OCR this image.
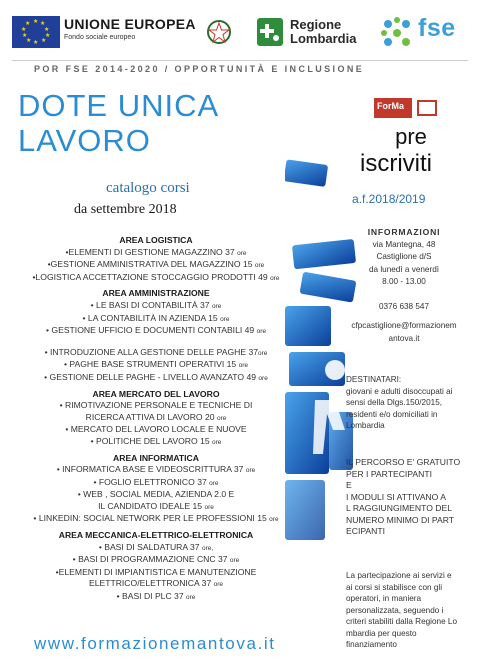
★ ★
★
★
★
★
★
★
★
★ UNIONE EUROPEA
Fondo sociale europeo
Regione
Lombardia fse
POR FSE 2014-2020 / OPPORTUNITÀ E INCLUSIONE
DOTE UNICA
LAVORO
catalogo corsi
da settembre 2018
AREA LOGISTICA
•ELEMENTI DI GESTIONE MAGAZZINO 37 ore
•GESTIONE AMMINISTRATIVA DEL MAGAZZINO 15 ore
•LOGISTICA ACCETTAZIONE STOCCAGGIO PRODOTTI 49 ore
AREA AMMINISTRAZIONE
• LE BASI DI CONTABILITÀ 37 ore
• LA CONTABILITÀ IN AZIENDA 15 ore
• GESTIONE UFFICIO E DOCUMENTI CONTABILI 49 ore
• INTRODUZIONE ALLA GESTIONE DELLE PAGHE 37ore
• PAGHE BASE STRUMENTI OPERATIVI 15 ore
• GESTIONE DELLE PAGHE - LIVELLO AVANZATO 49 ore
AREA MERCATO DEL LAVORO
• RIMOTIVAZIONE PERSONALE E TECNICHE DI
RICERCA ATTIVA DI LAVORO 20 ore
• MERCATO DEL LAVORO LOCALE E NUOVE
• POLITICHE DEL LAVORO 15 ore
AREA INFORMATICA
• INFORMATICA BASE E VIDEOSCRITTURA 37 ore
• FOGLIO ELETTRONICO 37 ore
• WEB , SOCIAL MEDIA, AZIENDA 2.0 E
IL CANDIDATO IDEALE 15 ore
• LINKEDIN: SOCIAL NETWORK PER LE PROFESSIONI 15 ore
AREA MECCANICA-ELETTRICO-ELETTRONICA
• BASI DI SALDATURA 37 ore,
• BASI DI PROGRAMMAZIONE CNC 37 ore
•ELEMENTI DI IMPIANTISTICA E MANUTENZIONE
ELETTRICO/ELETTRONICA 37 ore
• BASI DI PLC 37 ore
www.formazionemantova.it
ForMa
pre
iscriviti
a.f.2018/2019
INFORMAZIONI
via Mantegna, 48
Castiglione d/S
da lunedì a venerdì
8.00 - 13.00
0376 638 547
cfpcastiglione@formazionem
antova.it
DESTINATARI:
giovani e adulti disoccupati ai
sensi della Dlgs.150/2015,
residenti e/o domiciliati in
Lombardia
IL PERCORSO E' GRATUITO
PER I PARTECIPANTI
E
I MODULI SI ATTIVANO A
L RAGGIUNGIMENTO DEL
NUMERO MINIMO DI PART
ECIPANTI
La partecipazione ai servizi e
ai corsi si stabilisce con gli
operatori, in maniera
personalizzata, seguendo i
criteri stabiliti dalla Regione Lo
mbardia per questo
finanziamento
